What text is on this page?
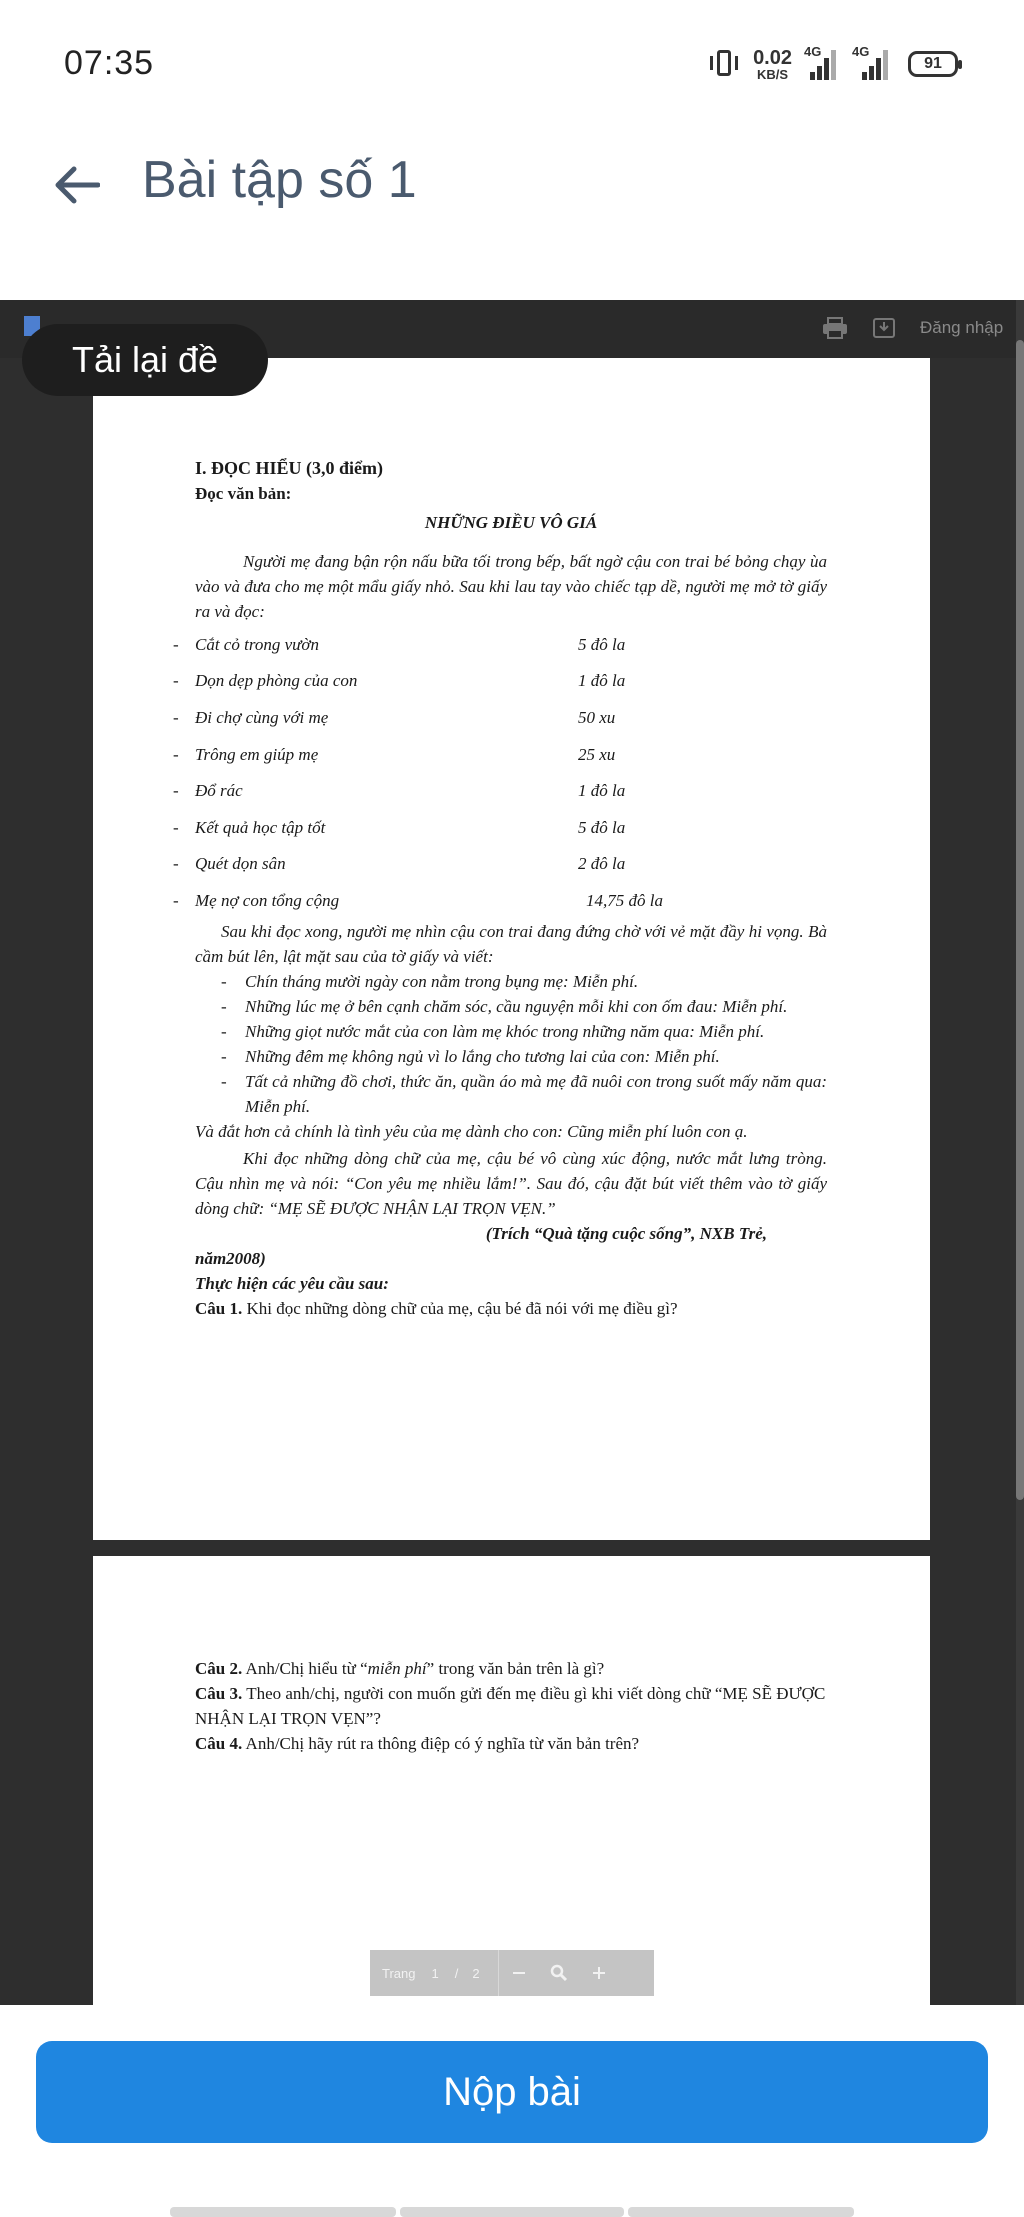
07:35	0.02
KB/S
4G 4G
91
Bài tập số 1
Đăng nhập
Tải lại đề
I. ĐỌC HIỂU (3,0 điểm)
Đọc văn bản:
NHỮNG ĐIỀU VÔ GIÁ

Người mẹ đang bận rộn nấu bữa tối trong bếp, bất ngờ cậu con trai bé bỏng chạy ùa vào và đưa cho mẹ một mẩu giấy nhỏ. Sau khi lau tay vào chiếc tạp dề, người mẹ mở tờ giấy ra và đọc:

- Cắt cỏ trong vườn	5 đô la
- Dọn dẹp phòng của con	1 đô la
- Đi chợ cùng với mẹ	50 xu
- Trông em giúp mẹ	25 xu
- Đổ rác	1 đô la
- Kết quả học tập tốt	5 đô la
- Quét dọn sân	2 đô la
- Mẹ nợ con tổng cộng	14,75 đô la

Sau khi đọc xong, người mẹ nhìn cậu con trai đang đứng chờ với vẻ mặt đầy hi vọng. Bà cầm bút lên, lật mặt sau của tờ giấy và viết:

-	Chín tháng mười ngày con nằm trong bụng mẹ: Miễn phí.
-	Những lúc mẹ ở bên cạnh chăm sóc, cầu nguyện mỗi khi con ốm đau: Miễn phí.
-	Những giọt nước mắt của con làm mẹ khóc trong những năm qua: Miễn phí.
-	Những đêm mẹ không ngủ vì lo lắng cho tương lai của con: Miễn phí.
-	Tất cả những đồ chơi, thức ăn, quần áo mà mẹ đã nuôi con trong suốt mấy năm qua: Miễn phí.

Và đắt hơn cả chính là tình yêu của mẹ dành cho con: Cũng miễn phí luôn con ạ.

Khi đọc những dòng chữ của mẹ, cậu bé vô cùng xúc động, nước mắt lưng tròng. Cậu nhìn mẹ và nói: “Con yêu mẹ nhiều lắm!”. Sau đó, cậu đặt bút viết thêm vào tờ giấy dòng chữ: “MẸ SẼ ĐƯỢC NHẬN LẠI TRỌN VẸN.”

(Trích “Quà tặng cuộc sống”, NXB Trẻ,
năm2008)
Thực hiện các yêu cầu sau:
Câu 1. Khi đọc những dòng chữ của mẹ, cậu bé đã nói với mẹ điều gì?
Câu 2. Anh/Chị hiểu từ “miễn phí” trong văn bản trên là gì?
Câu 3. Theo anh/chị, người con muốn gửi đến mẹ điều gì khi viết dòng chữ “MẸ SẼ ĐƯỢC NHẬN LẠI TRỌN VẸN”?
Câu 4. Anh/Chị hãy rút ra thông điệp có ý nghĩa từ văn bản trên?
Trang 1 / 2
Nộp bài
